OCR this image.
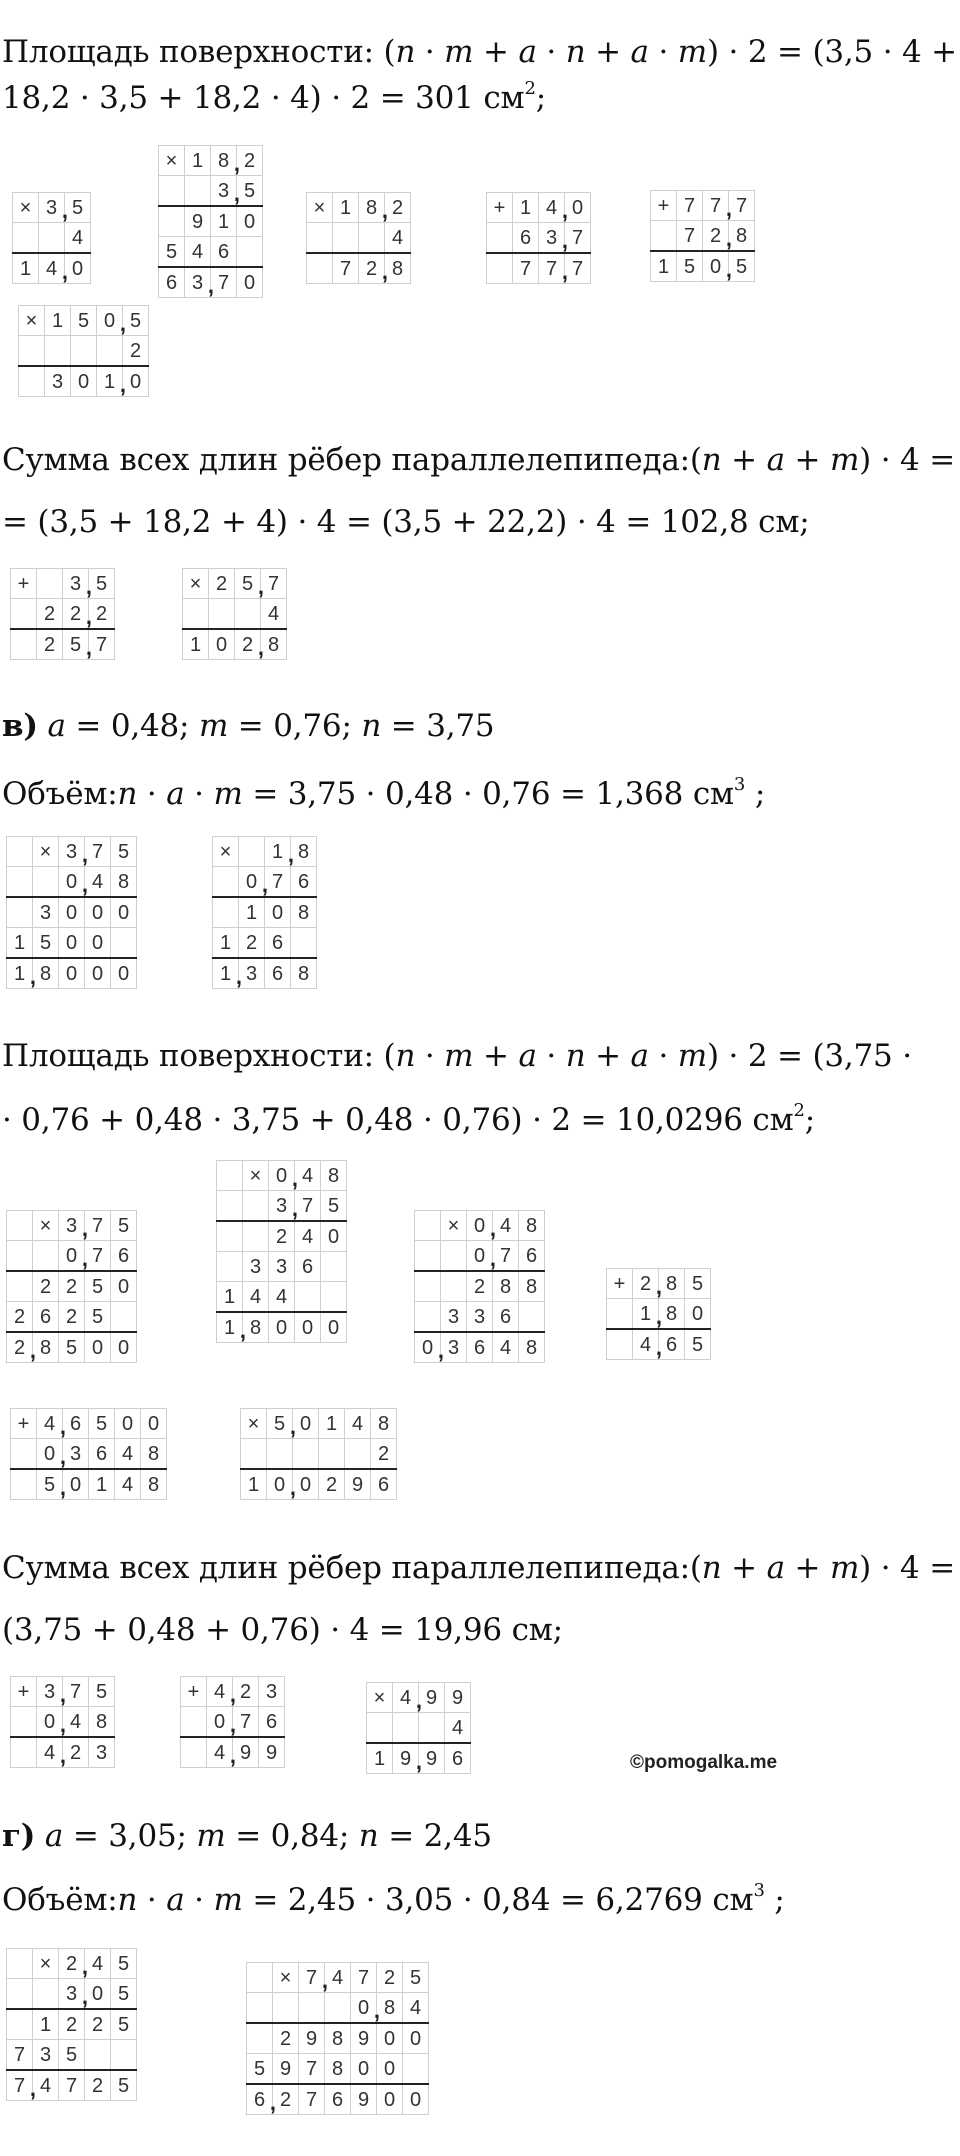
Площадь поверхности: (𝑛 · 𝑚 + 𝑎 · 𝑛 + 𝑎 · 𝑚) · 2 = (3,5 · 4 +
18,2 · 3,5 + 18,2 · 4) · 2 = 301 $см^2$;
Сумма всех длин рёбер параллелепипеда:(𝑛 + 𝑎 + 𝑚) · 4 =
= (3,5 + 18,2 + 4) · 4 = (3,5 + 22,2) · 4 = 102,8 см;
в) 𝑎 = 0,48; 𝑚 = 0,76; 𝑛 = 3,75
Объём:𝑛 · 𝑎 · 𝑚 = 3,75 · 0,48 · 0,76 = 1,368 $см^3$ ;
Площадь поверхности: (𝑛 · 𝑚 + 𝑎 · 𝑛 + 𝑎 · 𝑚) · 2 = (3,75 ·
· 0,76 + 0,48 · 3,75 + 0,48 · 0,76) · 2 = 10,0296 $см^2$;
Сумма всех длин рёбер параллелепипеда:(𝑛 + 𝑎 + 𝑚) · 4 =
(3,75 + 0,48 + 0,76) · 4 = 19,96 см;
г) 𝑎 = 3,05; 𝑚 = 0,84; 𝑛 = 2,45
Объём:𝑛 · 𝑎 · 𝑚 = 2,45 · 3,05 · 0,84 = 6,2769 $см^3$ ;
©pomogalka.me
×	3 ,	5
		4
1	4 ,	0
×	1	8 ,	2
		3 ,	5
	9	1	0
5	4	6	
6	3 ,	7	0
×	1	8 ,	2
			4
	7	2 ,	8
+	1	4 ,	0
	6	3 ,	7
	7	7 ,	7
+	7	7 ,	7
	7	2 ,	8
1	5	0 ,	5
×	1	5	0 ,	5
				2
	3	0	1 ,	0
+		3 ,	5
	2	2 ,	2
	2	5 ,	7
×	2	5 ,	7
			4
1	0	2 ,	8
	×	3 ,	7	5
		0 ,	4	8
	3	0	0	0
1	5	0	0	
1 ,	8	0	0	0
×		1 ,	8
	0 ,	7	6
	1	0	8
1	2	6	
1 ,	3	6	8
	×	3 ,	7	5
		0 ,	7	6
	2	2	5	0
2	6	2	5	
2 ,	8	5	0	0
	×	0 ,	4	8
		3 ,	7	5
		2	4	0
	3	3	6	
1	4	4		
1 ,	8	0	0	0
	×	0 ,	4	8
		0 ,	7	6
		2	8	8
	3	3	6	
0 ,	3	6	4	8
+	2 ,	8	5
	1 ,	8	0
	4 ,	6	5
+	4 ,	6	5	0	0
	0 ,	3	6	4	8
	5 ,	0	1	4	8
×	5 ,	0	1	4	8
					2
1	0 ,	0	2	9	6
+	3 ,	7	5
	0 ,	4	8
	4 ,	2	3
+	4 ,	2	3
	0 ,	7	6
	4 ,	9	9
×	4 ,	9	9
			4
1	9 ,	9	6
	×	2 ,	4	5
		3 ,	0	5
	1	2	2	5
7	3	5		
7 ,	4	7	2	5
	×	7 ,	4	7	2	5
				0 ,	8	4
	2	9	8	9	0	0
5	9	7	8	0	0	
6 ,	2	7	6	9	0	0
